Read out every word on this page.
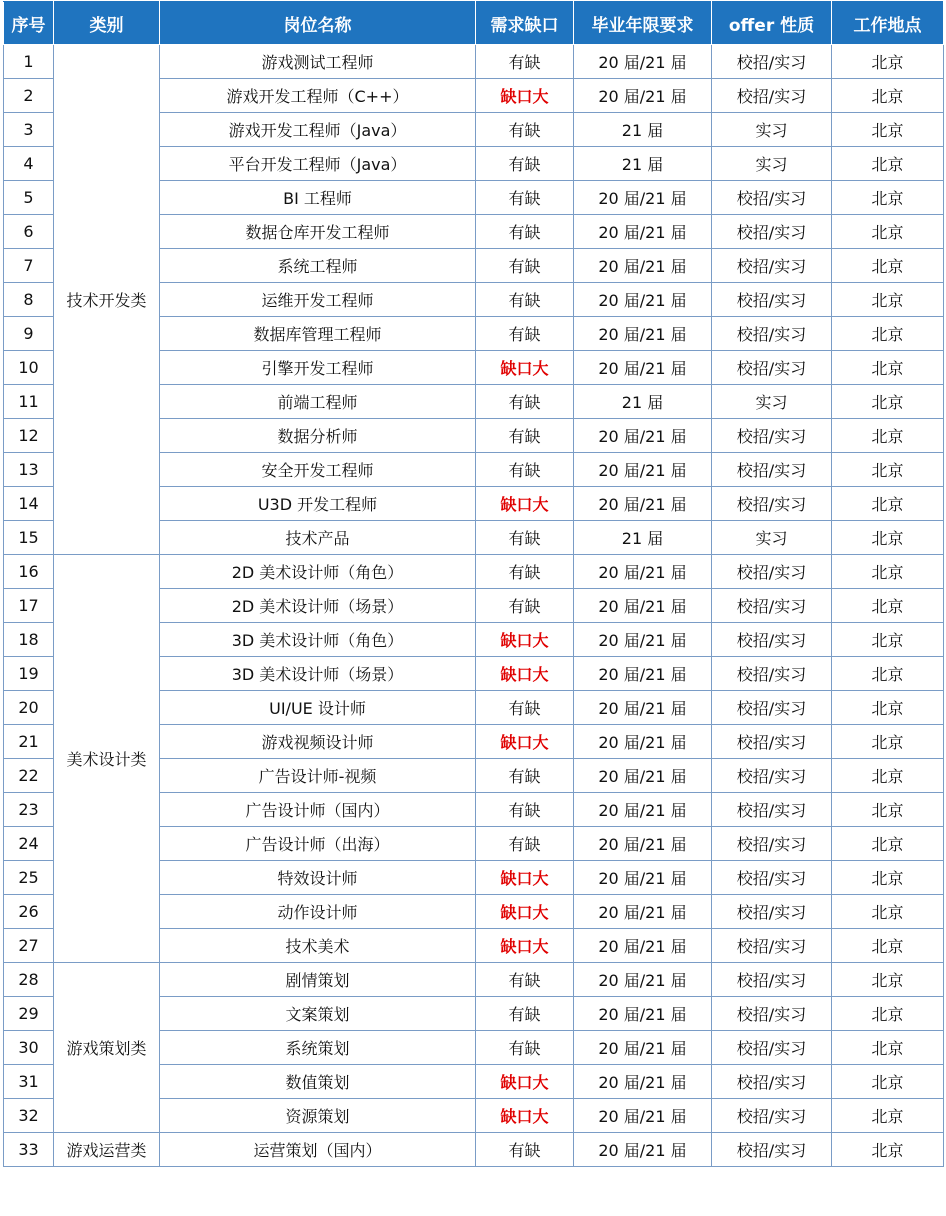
序号	类别	岗位名称	需求缺口	毕业年限要求	offer 性质	工作地点
1	技术开发类	游戏测试工程师	有缺	20 届/21 届	校招/实习	北京
2		游戏开发工程师（C++）	缺口大	20 届/21 届	校招/实习	北京
3		游戏开发工程师（Java）	有缺	21 届	实习	北京
4		平台开发工程师（Java）	有缺	21 届	实习	北京
5		BI 工程师	有缺	20 届/21 届	校招/实习	北京
6		数据仓库开发工程师	有缺	20 届/21 届	校招/实习	北京
7		系统工程师	有缺	20 届/21 届	校招/实习	北京
8		运维开发工程师	有缺	20 届/21 届	校招/实习	北京
9		数据库管理工程师	有缺	20 届/21 届	校招/实习	北京
10		引擎开发工程师	缺口大	20 届/21 届	校招/实习	北京
11		前端工程师	有缺	21 届	实习	北京
12		数据分析师	有缺	20 届/21 届	校招/实习	北京
13		安全开发工程师	有缺	20 届/21 届	校招/实习	北京
14		U3D 开发工程师	缺口大	20 届/21 届	校招/实习	北京
15		技术产品	有缺	21 届	实习	北京
16	美术设计类	2D 美术设计师（角色）	有缺	20 届/21 届	校招/实习	北京
17		2D 美术设计师（场景）	有缺	20 届/21 届	校招/实习	北京
18		3D 美术设计师（角色）	缺口大	20 届/21 届	校招/实习	北京
19		3D 美术设计师（场景）	缺口大	20 届/21 届	校招/实习	北京
20		UI/UE 设计师	有缺	20 届/21 届	校招/实习	北京
21		游戏视频设计师	缺口大	20 届/21 届	校招/实习	北京
22		广告设计师-视频	有缺	20 届/21 届	校招/实习	北京
23		广告设计师（国内）	有缺	20 届/21 届	校招/实习	北京
24		广告设计师（出海）	有缺	20 届/21 届	校招/实习	北京
25		特效设计师	缺口大	20 届/21 届	校招/实习	北京
26		动作设计师	缺口大	20 届/21 届	校招/实习	北京
27		技术美术	缺口大	20 届/21 届	校招/实习	北京
28	游戏策划类	剧情策划	有缺	20 届/21 届	校招/实习	北京
29		文案策划	有缺	20 届/21 届	校招/实习	北京
30		系统策划	有缺	20 届/21 届	校招/实习	北京
31		数值策划	缺口大	20 届/21 届	校招/实习	北京
32		资源策划	缺口大	20 届/21 届	校招/实习	北京
33	游戏运营类	运营策划（国内）	有缺	20 届/21 届	校招/实习	北京
